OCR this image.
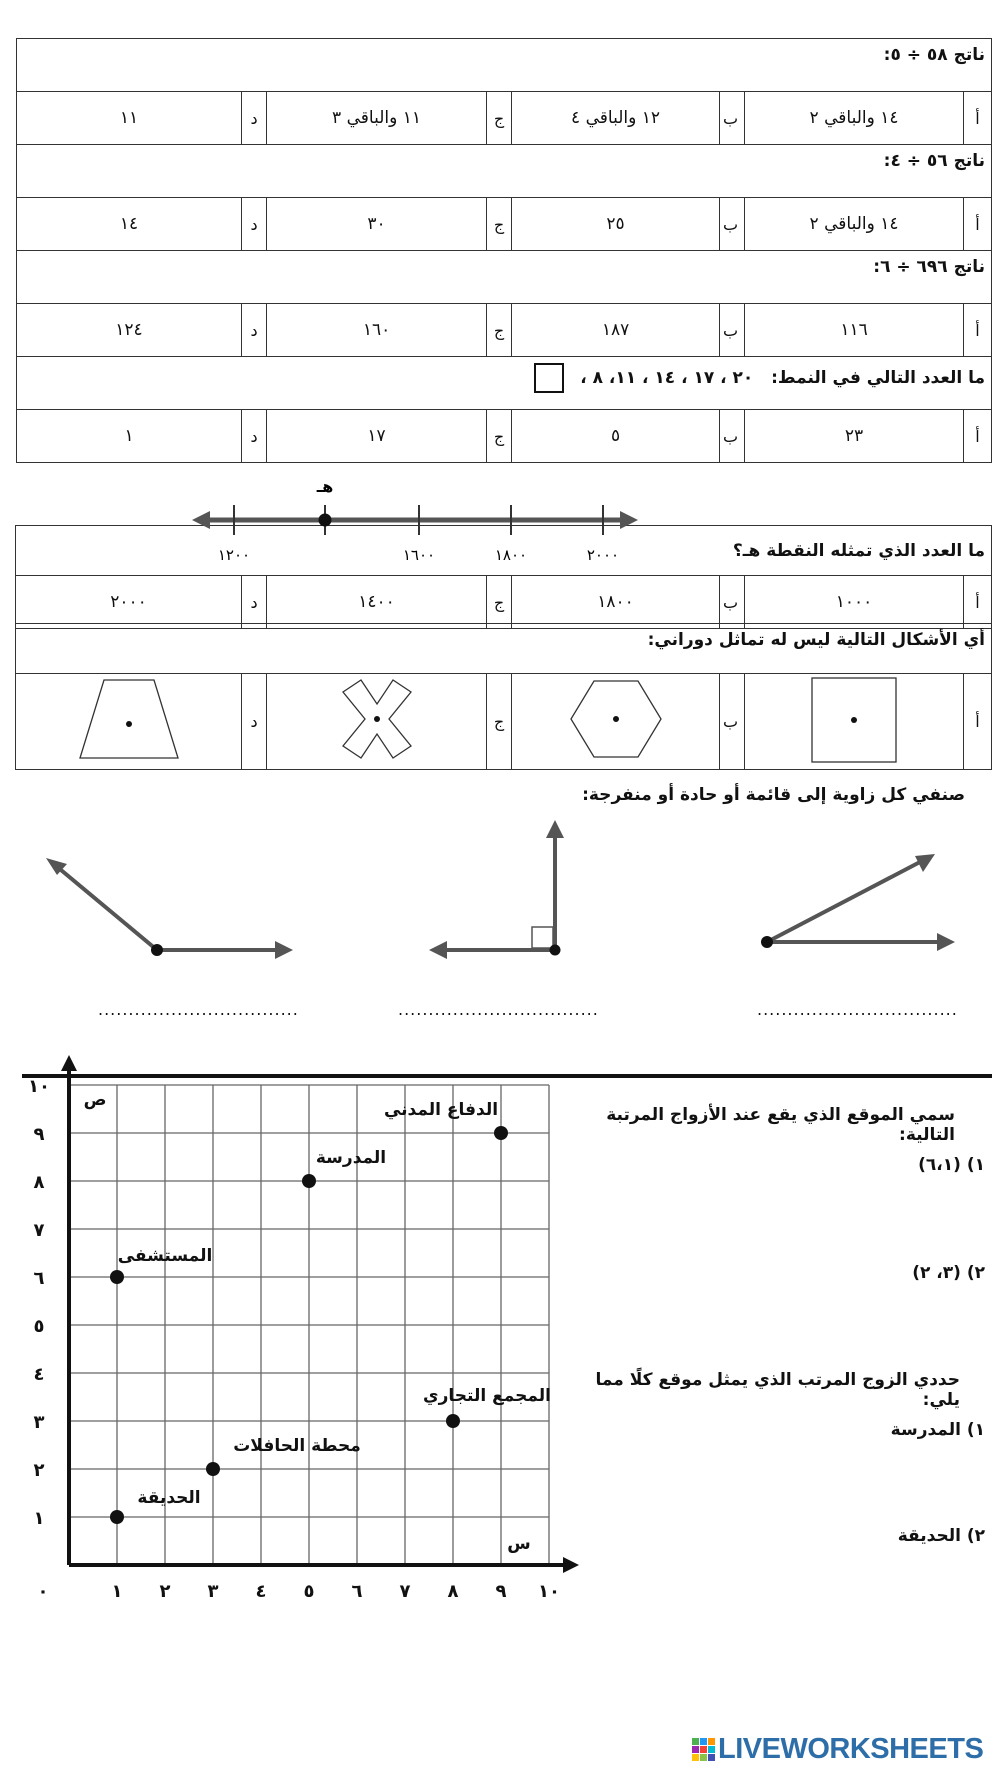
ناتج ٥٨ ÷ ٥:							
أ	١٤ والباقي ٢	ب	١٢ والباقي ٤	ج	١١ والباقي ٣	د	١١
ناتج ٥٦ ÷ ٤:							
أ	١٤ والباقي ٢	ب	٢٥	ج	٣٠	د	١٤
ناتج ٦٩٦ ÷ ٦:							
أ	١١٦	ب	١٨٧	ج	١٦٠	د	١٢٤
ما العدد التالي في النمط:   ٢٠ ، ١٧ ، ١٤ ، ١١، ٨ ،							
أ	٢٣	ب	٥	ج	١٧	د	١
ما العدد الذي تمثله النقطة هـ؟
أ	١٠٠٠	ب	١٨٠٠	ج	١٤٠٠	د	٢٠٠٠
هـ
٢٠٠٠
١٨٠٠
١٦٠٠
١٢٠٠
أي الأشكال التالية ليس له تماثل دوراني:
أ		ب		ج		د	
صنفي كل زاوية إلى قائمة أو حادة أو منفرجة:
.................................	.................................	.................................
٠	١ ٢ ٣ ٤ ٥ ٦ ٧ ٨ ٩ ١٠
١
٢
٣
٤
٥
٦
٧
٨
٩
١٠
س
ص	الدفاع المدني
المدرسة
المستشفى
المجمع التجاري
محطة الحافلات
الحديقة
سمي الموقع الذي يقع عند الأزواج المرتبة التالية:
١) (٦،١)
٢) (٣، ٢)
حددي الزوج المرتب الذي يمثل موقع كلًا مما يلي:
١) المدرسة
٢) الحديقة
LIVEWORKSHEETS
